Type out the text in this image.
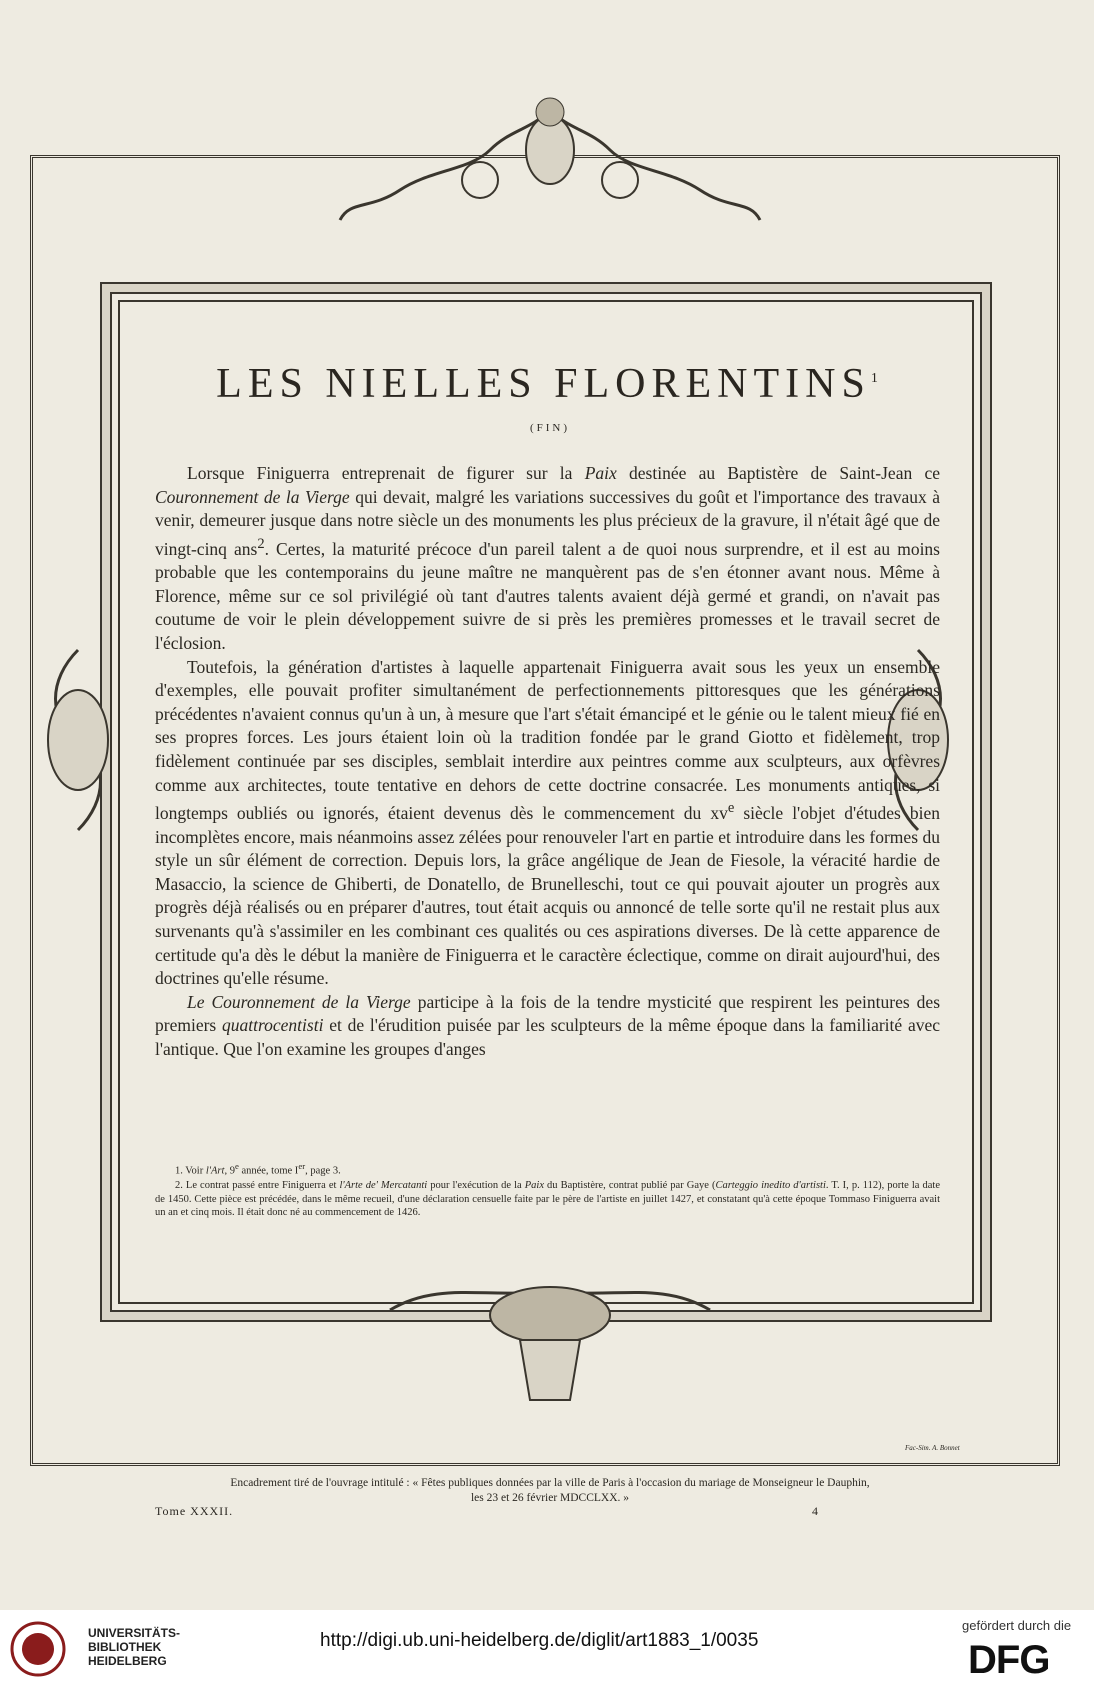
LES NIELLES FLORENTINS$^1$
(FIN)

Lorsque Finiguerra entreprenait de figurer sur la Paix destinée au Baptistère de Saint-Jean ce Couronnement de la Vierge qui devait, malgré les variations successives du goût et l'importance des travaux à venir, demeurer jusque dans notre siècle un des monuments les plus précieux de la gravure, il n'était âgé que de vingt-cinq ans$^2$. Certes, la maturité précoce d'un pareil talent a de quoi nous surprendre, et il est au moins probable que les contemporains du jeune maître ne manquèrent pas de s'en étonner avant nous. Même à Florence, même sur ce sol privilégié où tant d'autres talents avaient déjà germé et grandi, on n'avait pas coutume de voir le plein développement suivre de si près les premières promesses et le travail secret de l'éclosion.

Toutefois, la génération d'artistes à laquelle appartenait Finiguerra avait sous les yeux un ensemble d'exemples, elle pouvait profiter simultanément de perfectionnements pittoresques que les générations précédentes n'avaient connus qu'un à un, à mesure que l'art s'était émancipé et le génie ou le talent mieux fié en ses propres forces. Les jours étaient loin où la tradition fondée par le grand Giotto et fidèlement, trop fidèlement continuée par ses disciples, semblait interdire aux peintres comme aux sculpteurs, aux orfèvres comme aux architectes, toute tentative en dehors de cette doctrine consacrée. Les monuments antiques, si longtemps oubliés ou ignorés, étaient devenus dès le commencement du $xv^e$ siècle l'objet d'études bien incomplètes encore, mais néanmoins assez zélées pour renouveler l'art en partie et introduire dans les formes du style un sûr élément de correction. Depuis lors, la grâce angélique de Jean de Fiesole, la véracité hardie de Masaccio, la science de Ghiberti, de Donatello, de Brunelleschi, tout ce qui pouvait ajouter un progrès aux progrès déjà réalisés ou en préparer d'autres, tout était acquis ou annoncé de telle sorte qu'il ne restait plus aux survenants qu'à s'assimiler en les combinant ces qualités ou ces aspirations diverses. De là cette apparence de certitude qu'a dès le début la manière de Finiguerra et le caractère éclectique, comme on dirait aujourd'hui, des doctrines qu'elle résume.

Le Couronnement de la Vierge participe à la fois de la tendre mysticité que respirent les peintures des premiers quattrocentisti et de l'érudition puisée par les sculpteurs de la même époque dans la familiarité avec l'antique. Que l'on examine les groupes d'anges

1. Voir l'Art, 9e année, tome Ier, page 3.

2. Le contrat passé entre Finiguerra et l'Arte de' Mercatanti pour l'exécution de la Paix du Baptistère, contrat publié par Gaye (Carteggio inedito d'artisti. T. I, p. 112), porte la date de 1450. Cette pièce est précédée, dans le même recueil, d'une déclaration censuelle faite par le père de l'artiste en juillet 1427, et constatant qu'à cette époque Tommaso Finiguerra avait un an et cinq mois. Il était donc né au commencement de 1426.

Fac-Sim. A. Bonnet
Encadrement tiré de l'ouvrage intitulé : « Fêtes publiques données par la ville de Paris à l'occasion du mariage de Monseigneur le Dauphin,
les 23 et 26 février MDCCLXX. »
Tome XXXII.	4
UNIVERSITÄTS-
BIBLIOTHEK
HEIDELBERG
http://digi.ub.uni-heidelberg.de/diglit/art1883_1/0035
gefördert durch die
DFG
